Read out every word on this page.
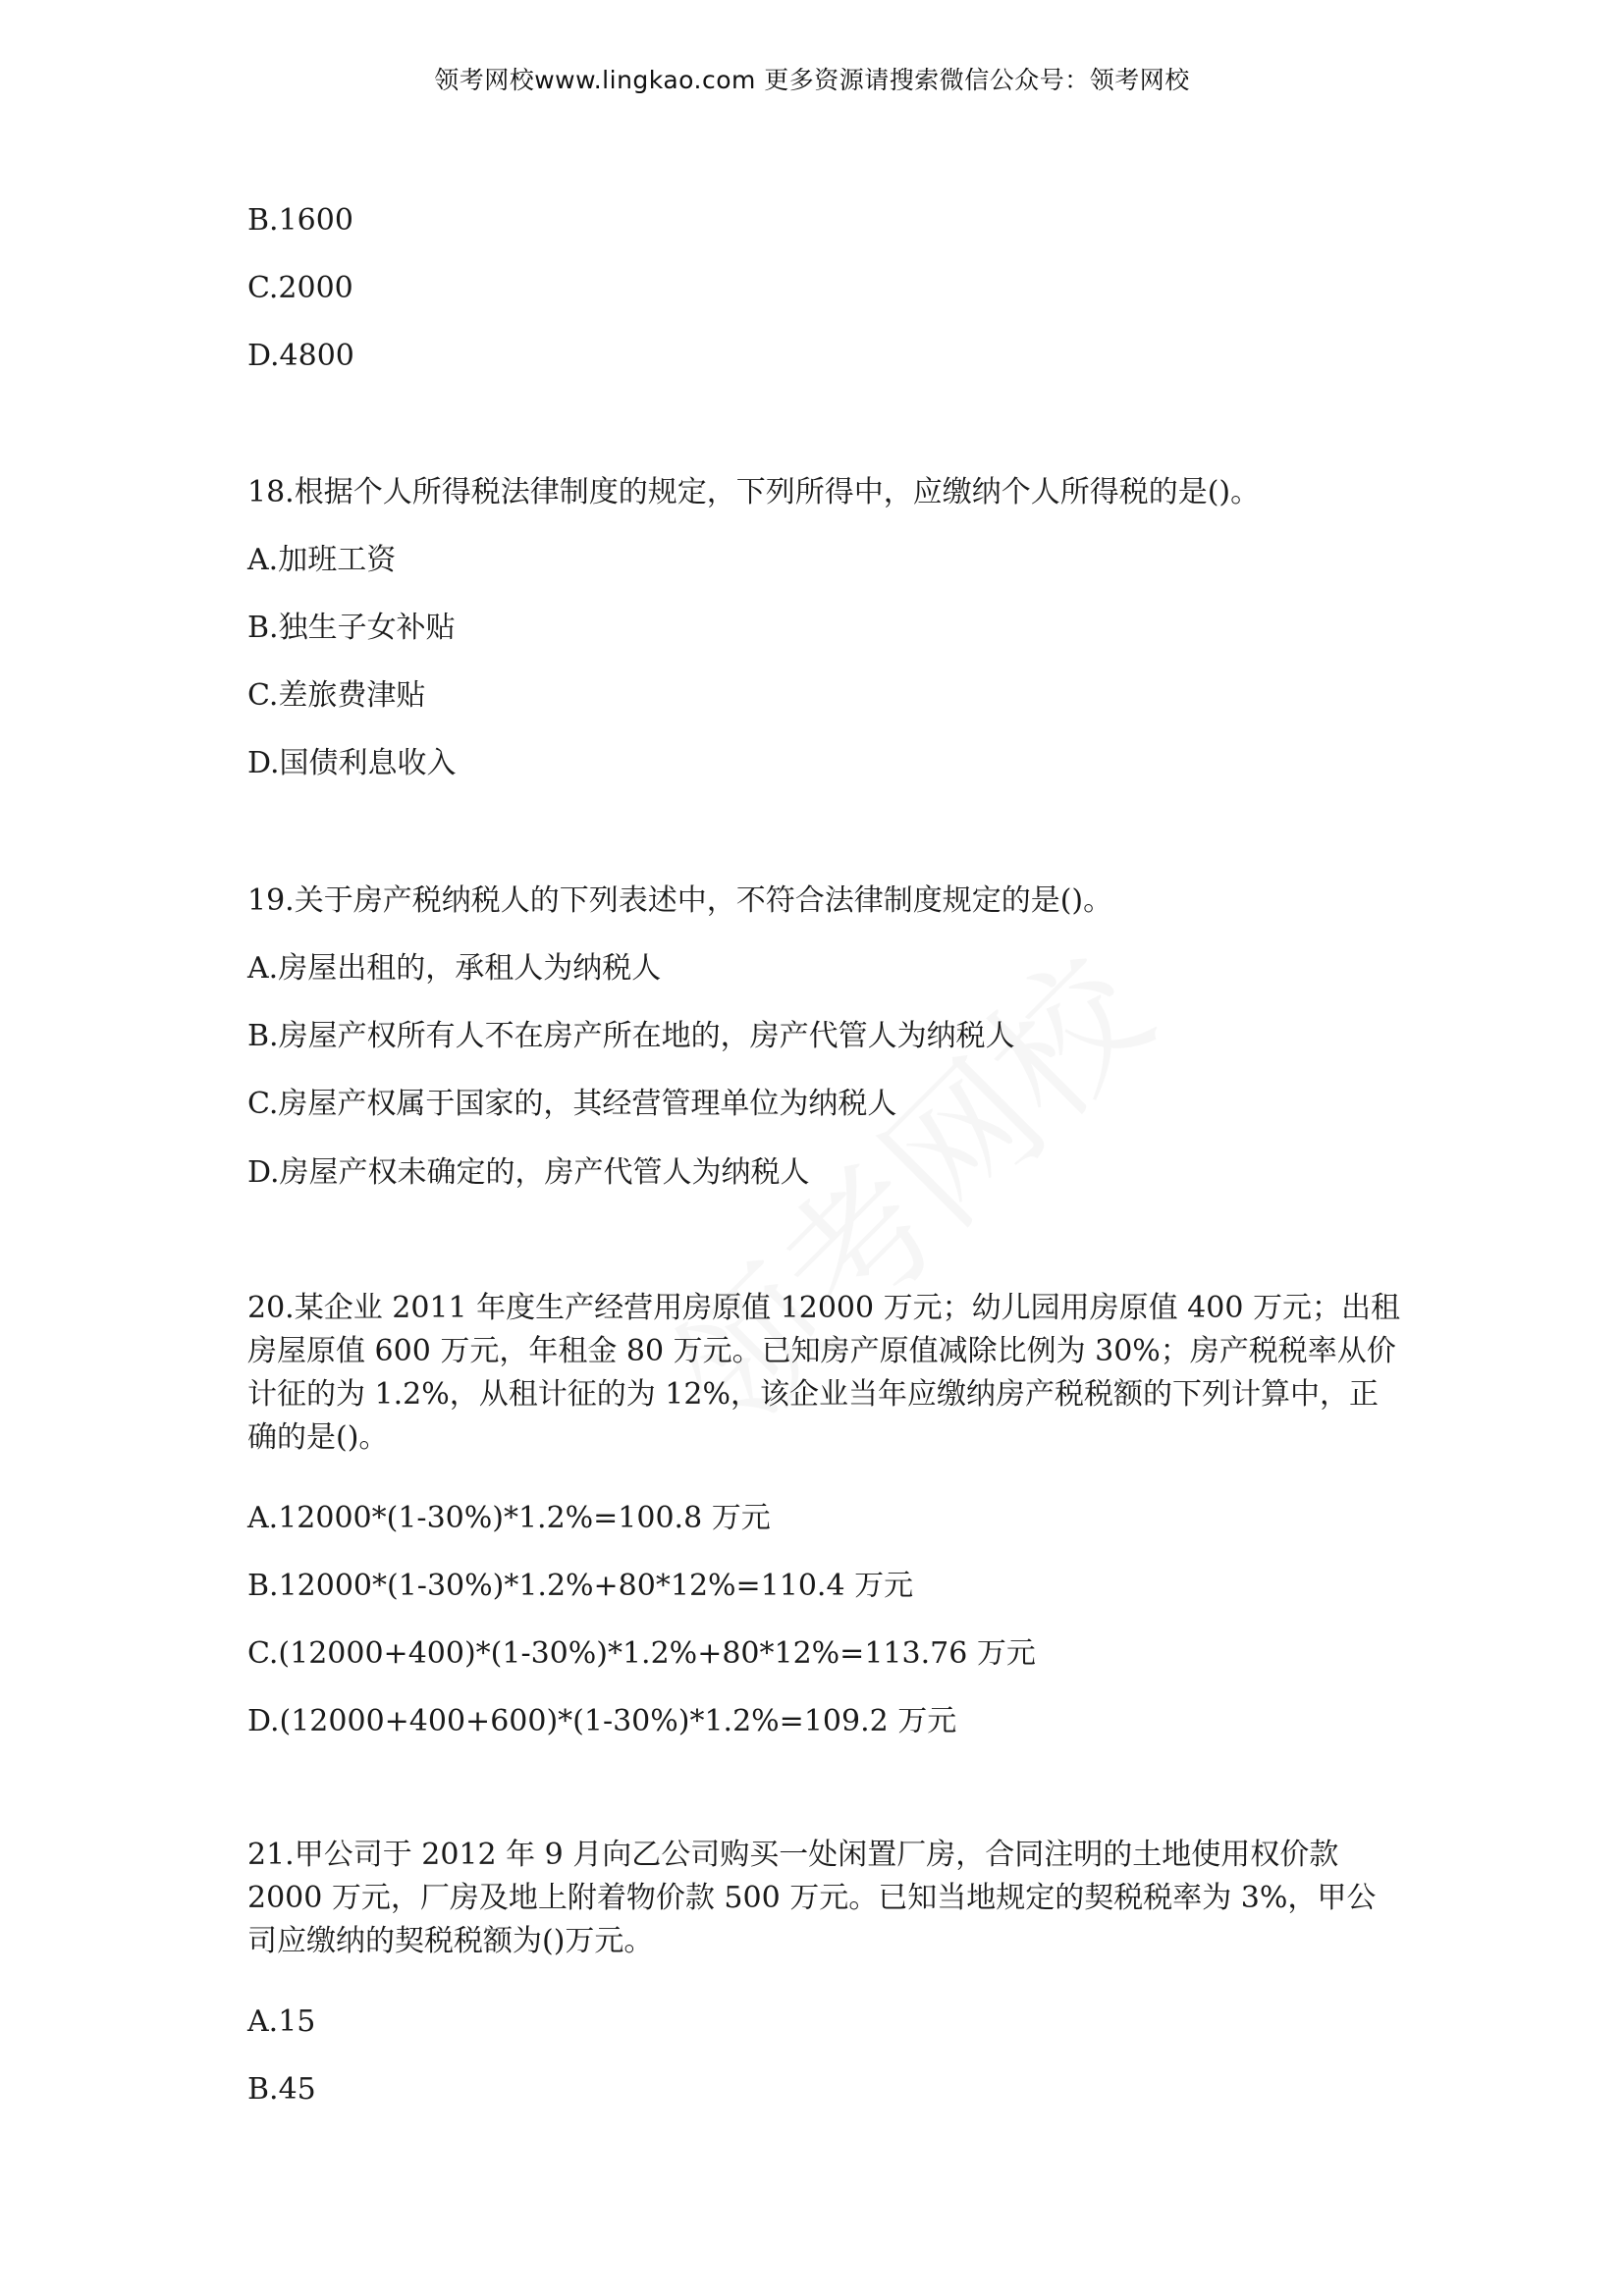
领考网校www.lingkao.com 更多资源请搜索微信公众号：领考网校
B.1600
C.2000
D.4800
18.根据个人所得税法律制度的规定，下列所得中，应缴纳个人所得税的是()。
A.加班工资
B.独生子女补贴
C.差旅费津贴
D.国债利息收入
19.关于房产税纳税人的下列表述中，不符合法律制度规定的是()。
A.房屋出租的，承租人为纳税人
B.房屋产权所有人不在房产所在地的，房产代管人为纳税人
C.房屋产权属于国家的，其经营管理单位为纳税人
D.房屋产权未确定的，房产代管人为纳税人
20.某企业 2011 年度生产经营用房原值 12000 万元；幼儿园用房原值 400 万元；出租房屋原值 600 万元，年租金 80 万元。已知房产原值减除比例为 30%；房产税税率从价计征的为 1.2%，从租计征的为 12%，该企业当年应缴纳房产税税额的下列计算中，正确的是()。
A.12000*(1-30%)*1.2%=100.8 万元
B.12000*(1-30%)*1.2%+80*12%=110.4 万元
C.(12000+400)*(1-30%)*1.2%+80*12%=113.76 万元
D.(12000+400+600)*(1-30%)*1.2%=109.2 万元
21.甲公司于 2012 年 9 月向乙公司购买一处闲置厂房，合同注明的土地使用权价款 2000 万元，厂房及地上附着物价款 500 万元。已知当地规定的契税税率为 3%，甲公司应缴纳的契税税额为()万元。
A.15
B.45
